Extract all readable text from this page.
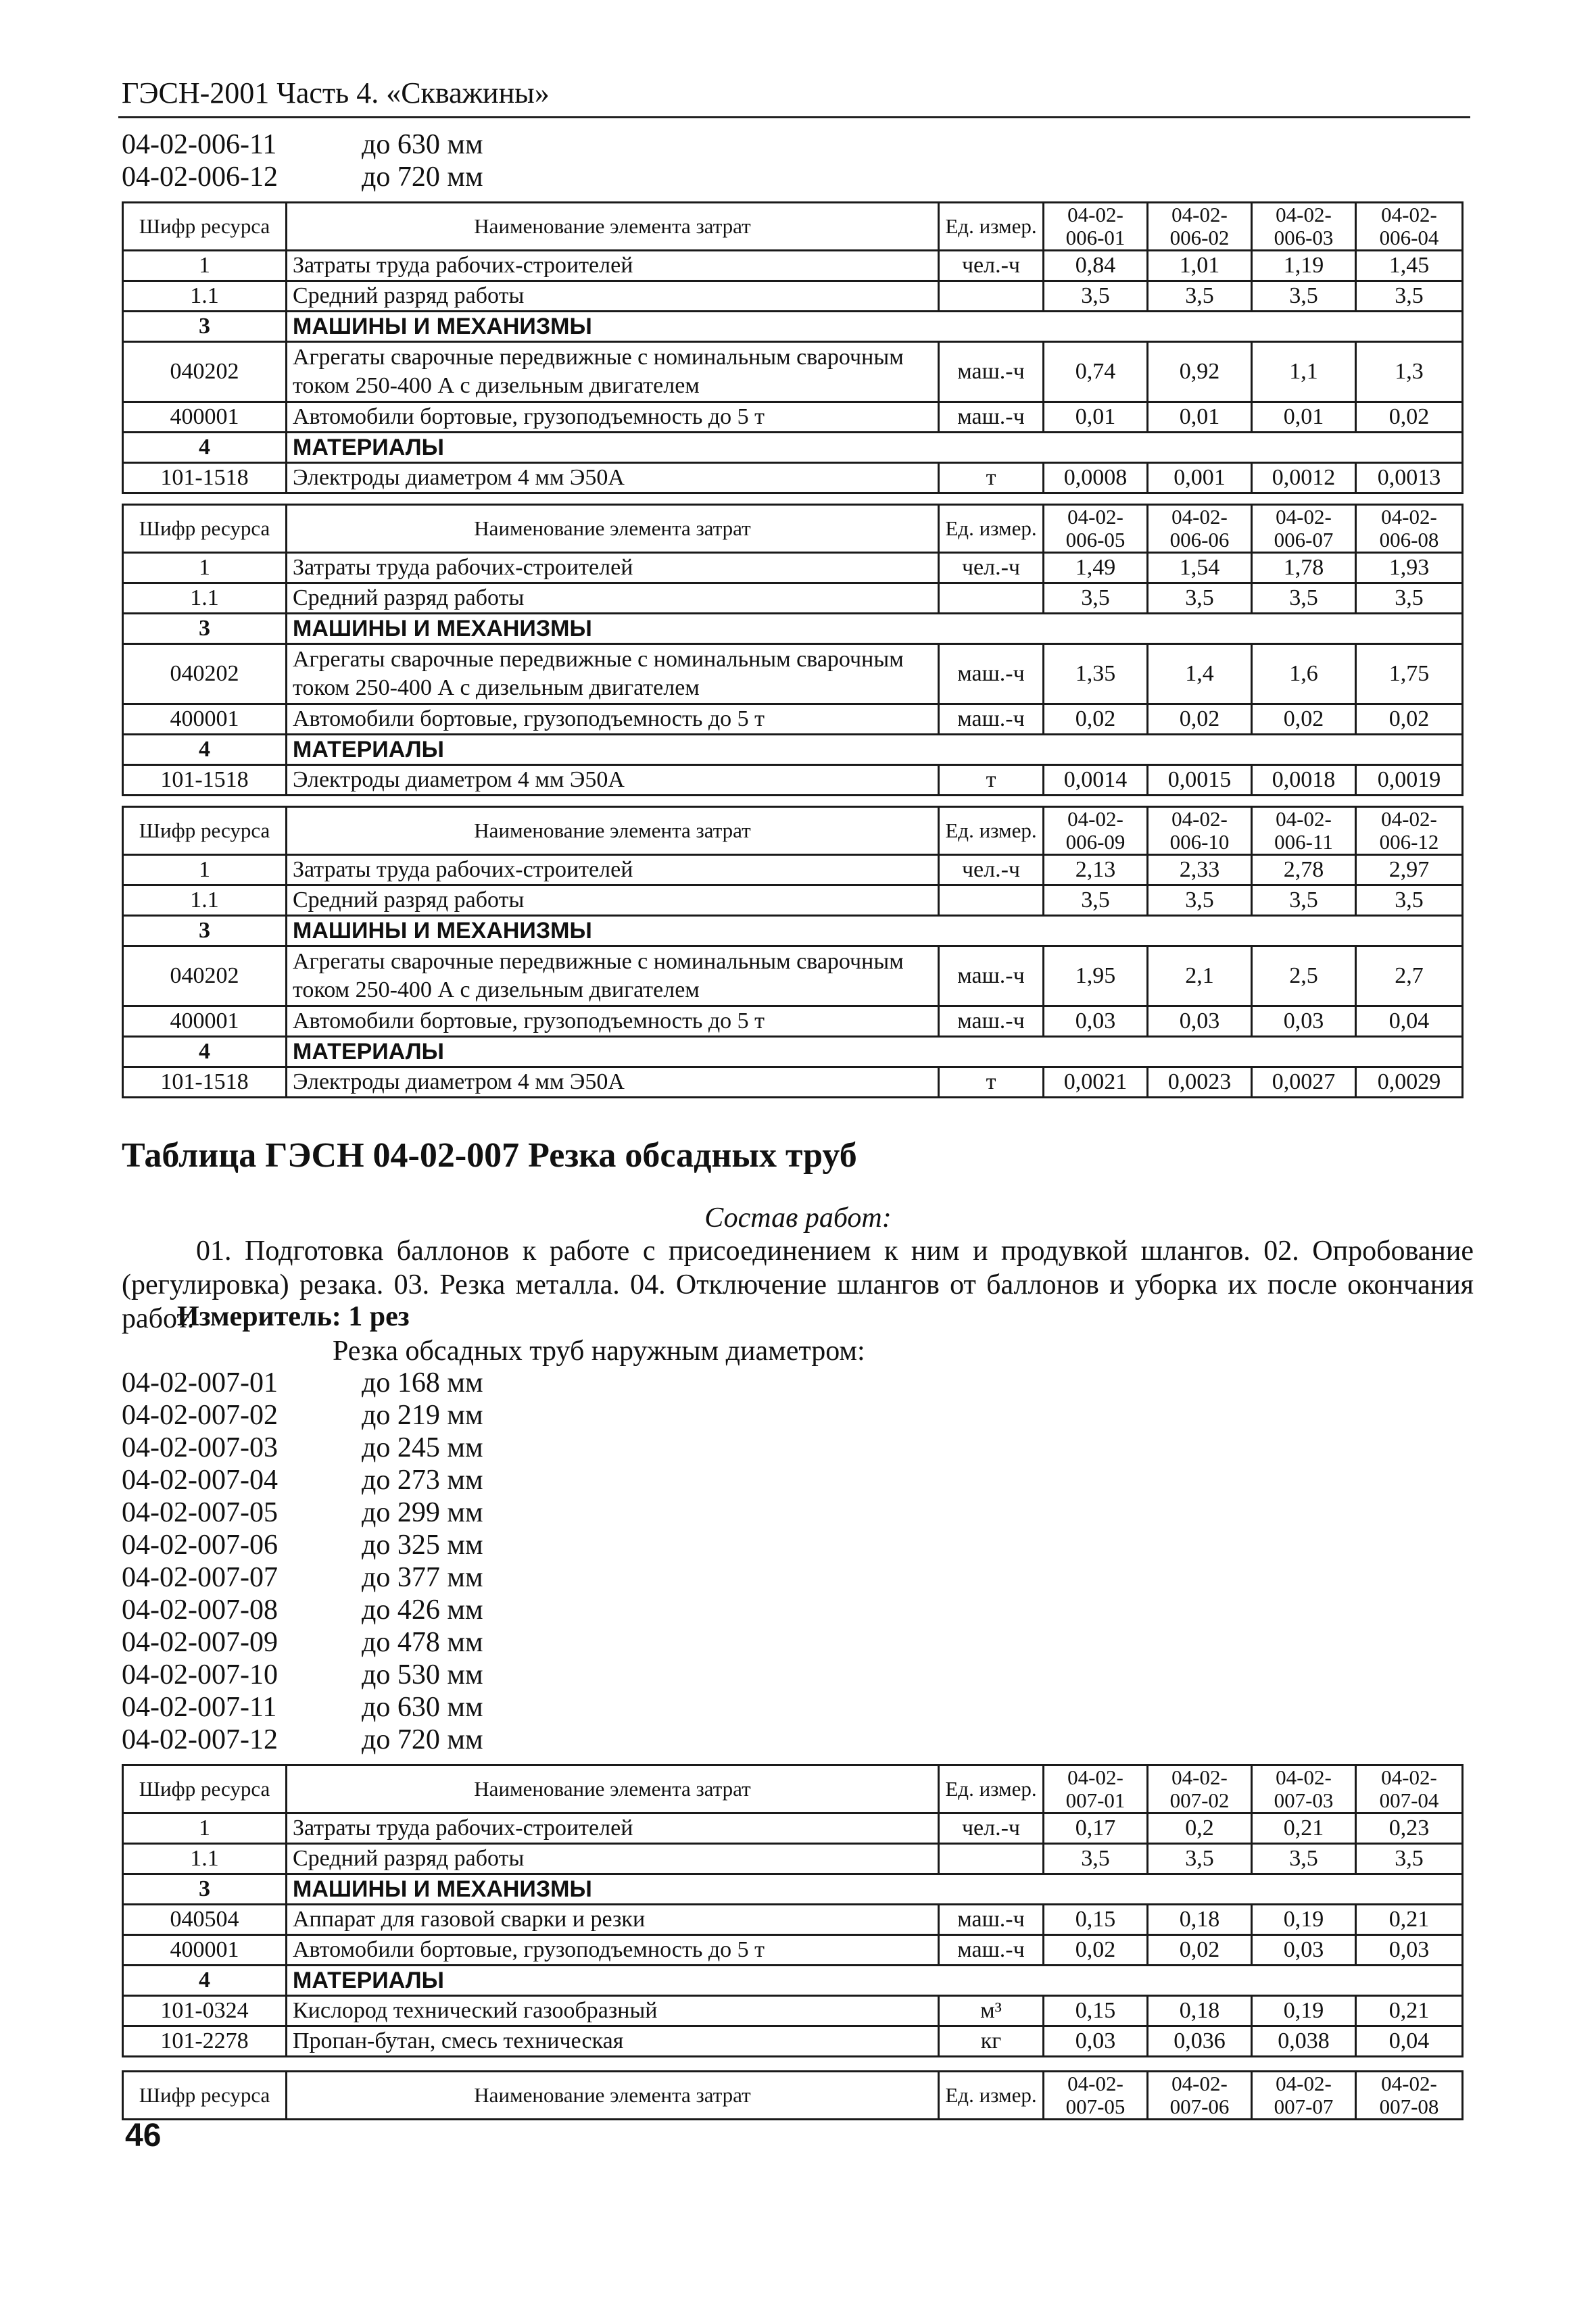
ГЭСН-2001 Часть 4. «Скважины»
04-02-006-11	до 630 мм
04-02-006-12	до 720 мм
Шифр ресурса	Наименование элемента затрат	Ед. измер.	04-02-006-01	04-02-006-02	04-02-006-03	04-02-006-04
1	Затраты труда рабочих-строителей	чел.-ч	0,84	1,01	1,19	1,45
1.1	Средний разряд работы		3,5	3,5	3,5	3,5
3	МАШИНЫ И МЕХАНИЗМЫ					
040202	Агрегаты сварочные передвижные с номинальным сварочным током 250-400 А с дизельным двигателем	маш.-ч	0,74	0,92	1,1	1,3
400001	Автомобили бортовые, грузоподъемность до 5 т	маш.-ч	0,01	0,01	0,01	0,02
4	МАТЕРИАЛЫ					
101-1518	Электроды диаметром 4 мм Э50А	т	0,0008	0,001	0,0012	0,0013
Шифр ресурса	Наименование элемента затрат	Ед. измер.	04-02-006-05	04-02-006-06	04-02-006-07	04-02-006-08
1	Затраты труда рабочих-строителей	чел.-ч	1,49	1,54	1,78	1,93
1.1	Средний разряд работы		3,5	3,5	3,5	3,5
3	МАШИНЫ И МЕХАНИЗМЫ					
040202	Агрегаты сварочные передвижные с номинальным сварочным током 250-400 А с дизельным двигателем	маш.-ч	1,35	1,4	1,6	1,75
400001	Автомобили бортовые, грузоподъемность до 5 т	маш.-ч	0,02	0,02	0,02	0,02
4	МАТЕРИАЛЫ					
101-1518	Электроды диаметром 4 мм Э50А	т	0,0014	0,0015	0,0018	0,0019
Шифр ресурса	Наименование элемента затрат	Ед. измер.	04-02-006-09	04-02-006-10	04-02-006-11	04-02-006-12
1	Затраты труда рабочих-строителей	чел.-ч	2,13	2,33	2,78	2,97
1.1	Средний разряд работы		3,5	3,5	3,5	3,5
3	МАШИНЫ И МЕХАНИЗМЫ					
040202	Агрегаты сварочные передвижные с номинальным сварочным током 250-400 А с дизельным двигателем	маш.-ч	1,95	2,1	2,5	2,7
400001	Автомобили бортовые, грузоподъемность до 5 т	маш.-ч	0,03	0,03	0,03	0,04
4	МАТЕРИАЛЫ					
101-1518	Электроды диаметром 4 мм Э50А	т	0,0021	0,0023	0,0027	0,0029
Шифр ресурса	Наименование элемента затрат	Ед. измер.	04-02-007-01	04-02-007-02	04-02-007-03	04-02-007-04
1	Затраты труда рабочих-строителей	чел.-ч	0,17	0,2	0,21	0,23
1.1	Средний разряд работы		3,5	3,5	3,5	3,5
3	МАШИНЫ И МЕХАНИЗМЫ					
040504	Аппарат для газовой сварки и резки	маш.-ч	0,15	0,18	0,19	0,21
400001	Автомобили бортовые, грузоподъемность до 5 т	маш.-ч	0,02	0,02	0,03	0,03
4	МАТЕРИАЛЫ					
101-0324	Кислород технический газообразный	м³	0,15	0,18	0,19	0,21
101-2278	Пропан-бутан, смесь техническая	кг	0,03	0,036	0,038	0,04
Шифр ресурса	Наименование элемента затрат	Ед. измер.	04-02-007-05	04-02-007-06	04-02-007-07	04-02-007-08
Таблица ГЭСН 04-02-007 Резка обсадных труб
Состав работ:
01. Подготовка баллонов к работе с присоединением к ним и продувкой шлангов. 02. Опробование (регулировка) резака. 03. Резка металла. 04. Отключение шлангов от баллонов и уборка их после окончания работ.
Измеритель: 1 рез
Резка обсадных труб наружным диаметром:
04-02-007-01	до 168 мм
04-02-007-02	до 219 мм
04-02-007-03	до 245 мм
04-02-007-04	до 273 мм
04-02-007-05	до 299 мм
04-02-007-06	до 325 мм
04-02-007-07	до 377 мм
04-02-007-08	до 426 мм
04-02-007-09	до 478 мм
04-02-007-10	до 530 мм
04-02-007-11	до 630 мм
04-02-007-12	до 720 мм
46
